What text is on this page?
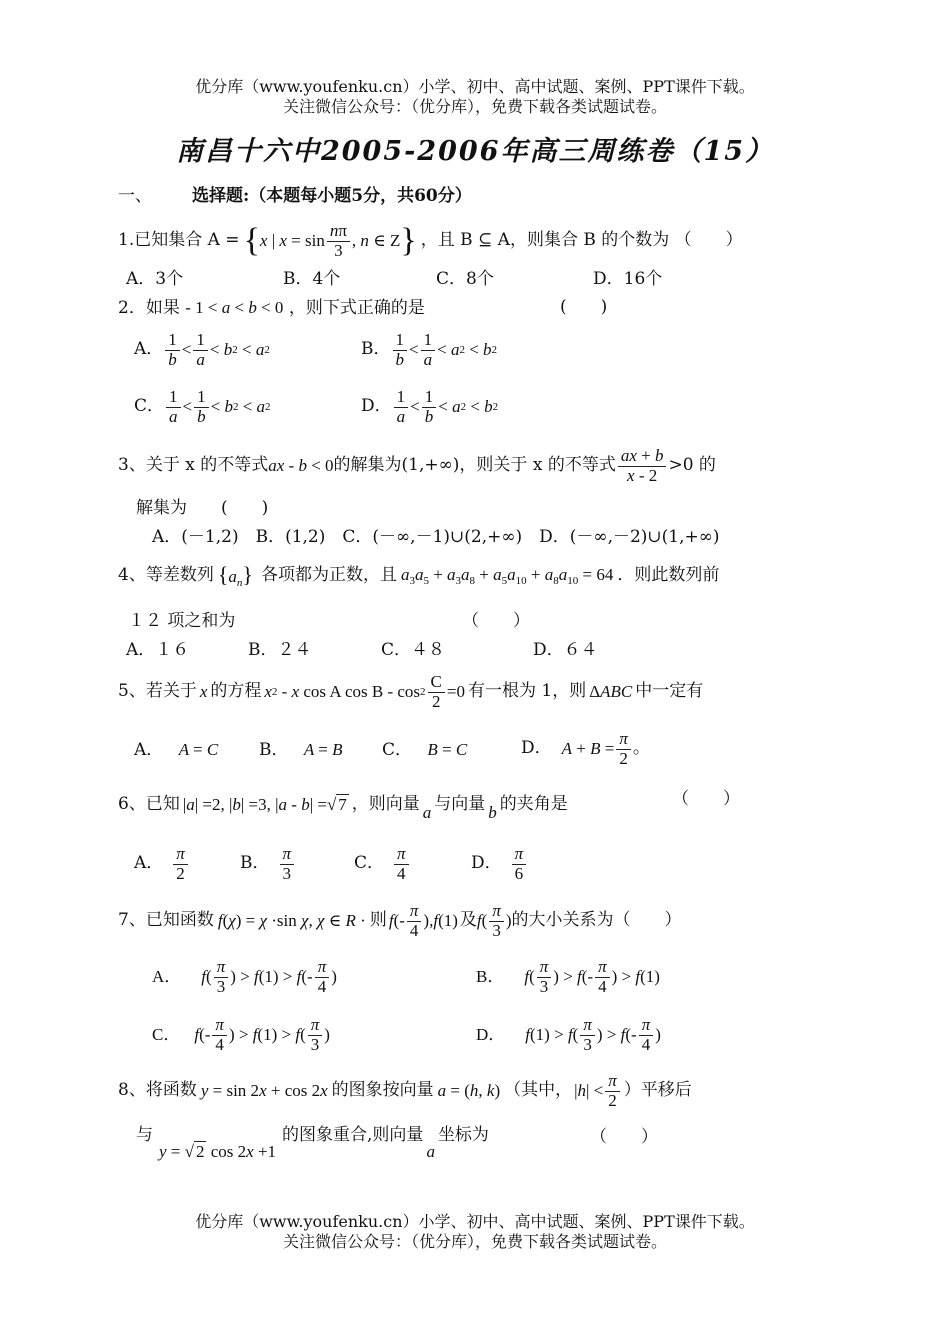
优分库（www.youfenku.cn）小学、初中、高中试题、案例、PPT课件下载。
关注微信公众号：（优分库），免费下载各类试题试卷。
南昌十六中2005-2006年高三周练卷（15）
一、 选择题:（本题每小题5分，共60分）
1.已知集合 A = { x | $x = \sin \frac{n\pi}{3}$ , n ∈ Z } ，且 B ⊆ A，则集合 B 的个数为 （　　）
A．3个	B．4个	C．8个	D．16个
2．如果 - 1 < a < b < 0 ，则下式正确的是	(　　)
A． $\frac{1}{b} < \frac{1}{a} < b$ 2 < a 2	B． $\frac{1}{b} < \frac{1}{a} < a$ 2 < b 2
C． $\frac{1}{a} < \frac{1}{b} < b$ 2 < a 2	D． $\frac{1}{a} < \frac{1}{b} < a$ 2 < b 2
3、关于 x 的不等式 ax - b < 0 的解集为(1,+∞)，则关于 x 的不等式 $\frac{ax + b}{x - 2} >0$ 的
解集为　　(　　)
A．(－1,2)　B．(1,2)　C．(－∞,－1)∪(2,+∞)　D．(－∞,－2)∪(1,+∞)
4、等差数列 $\{a_n\}$ 各项都为正数，且 $a_3a_5 + a_3a_8 + a_5a_{10} + a_8a_{10} = 64$ ．则此数列前
１２ 项之和为	（　　）
A．１６	B．２４	C．４８	D．６４
5、若关于 x 的方程 x 2 - x cos A $\cos B - \cos 2 \frac{C}{2} =0$ 有一根为 1，则 ΔABC 中一定有
A． A = C B． A = B C． B = C	D． $A + B = \frac{\pi}{2}$ 。
6、已知 |a| =2, |b| =3, |a - b| =√ 7 ，则向量 a 与向量 b 的夹角是	（　　）
A． $\frac{\pi}{2}$	B． $\frac{\pi}{3}$	C． $\frac{\pi}{4}$	D． $\frac{\pi}{6}$
7、已知函数 f(χ) = χ ·sin χ, χ ∈ R · 则 f (- $\frac{\pi}{4}$ ), f (1) 及 f ( $\frac{\pi}{3}$ ) 的大小关系为（　　）
A． f ( $\frac{\pi}{3}$ ) > f (1) > f (- $\frac{\pi}{4}$ )	B． f ( $\frac{\pi}{3}$ ) > f (- $\frac{\pi}{4}$ ) > f (1)
C． f (- $\frac{\pi}{4}$ ) > f (1) > f ( $\frac{\pi}{3}$ )	D． f (1) > f ( $\frac{\pi}{3}$ ) > f (- $\frac{\pi}{4}$ )
8、将函数 y = sin 2x + cos 2x 的图象按向量 a = (h, k) （其中， | h | < $\frac{\pi}{2}$ ）平移后
与
y = √ 2 cos 2x +1
的图象重合,则向量
a
坐标为	（　　）
优分库（www.youfenku.cn）小学、初中、高中试题、案例、PPT课件下载。
关注微信公众号：（优分库），免费下载各类试题试卷。
